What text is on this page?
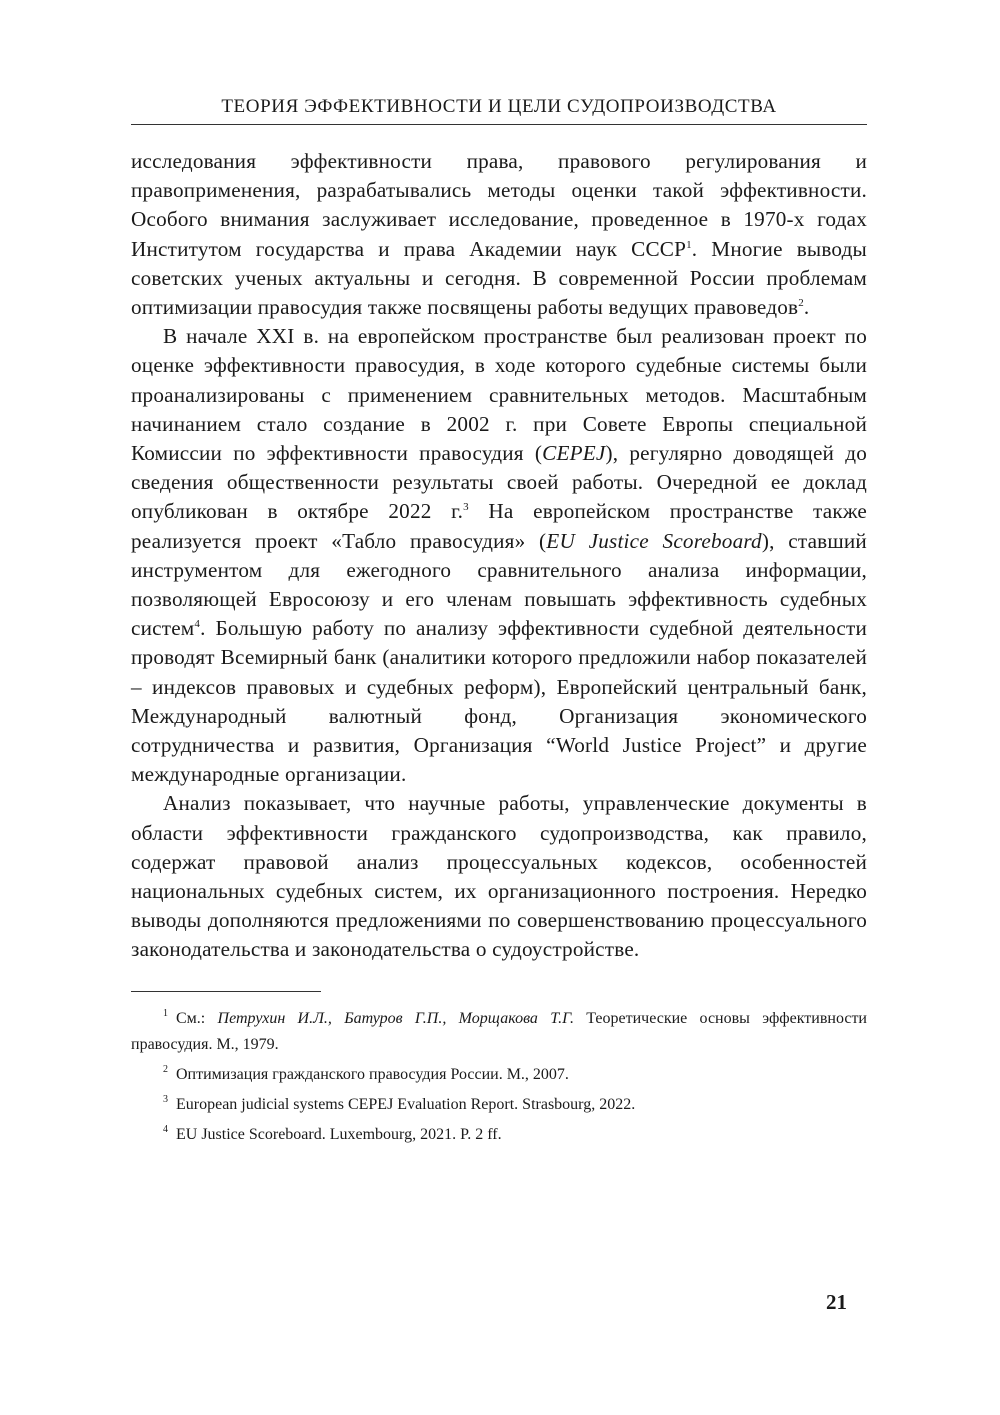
ТЕОРИЯ ЭФФЕКТИВНОСТИ И ЦЕЛИ СУДОПРОИЗВОДСТВА

исследования эффективности права, правового регулирования и правоприменения, разрабатывались методы оценки такой эффективности. Особого внимания заслуживает исследование, проведенное в 1970-х годах Институтом государства и права Академии наук СССР$^1$. Многие выводы советских ученых актуальны и сегодня. В современной России проблемам оптимизации правосудия также посвящены работы ведущих правоведов$^2$.

В начале XXI в. на европейском пространстве был реализован проект по оценке эффективности правосудия, в ходе которого судебные системы были проанализированы с применением сравнительных методов. Масштабным начинанием стало создание в 2002 г. при Совете Европы специальной Комиссии по эффективности правосудия (CEPEJ), регулярно доводящей до сведения общественности результаты своей работы. Очередной ее доклад опубликован в октябре 2022 г.$^3$ На европейском пространстве также реализуется проект «Табло правосудия» (EU Justice Scoreboard), ставший инструментом для ежегодного сравнительного анализа информации, позволяющей Евросоюзу и его членам повышать эффективность судебных систем$^4$. Большую работу по анализу эффективности судебной деятельности проводят Всемирный банк (аналитики которого предложили набор показателей – индексов правовых и судебных реформ), Европейский центральный банк, Международный валютный фонд, Организация экономического сотрудничества и развития, Организация “World Justice Project” и другие международные организации.

Анализ показывает, что научные работы, управленческие документы в области эффективности гражданского судопроизводства, как правило, содержат правовой анализ процессуальных кодексов, особенностей национальных судебных систем, их организационного построения. Нередко выводы дополняются предложениями по совершенствованию процессуального законодательства и законодательства о судоустройстве.

$^1$ См.: Петрухин И.Л., Батуров Г.П., Морщакова Т.Г. Теоретические основы эффективности правосудия. М., 1979.

$^2$ Оптимизация гражданского правосудия России. М., 2007.

$^3$ European judicial systems CEPEJ Evaluation Report. Strasbourg, 2022.

$^4$ EU Justice Scoreboard. Luxembourg, 2021. P. 2 ff.

21
